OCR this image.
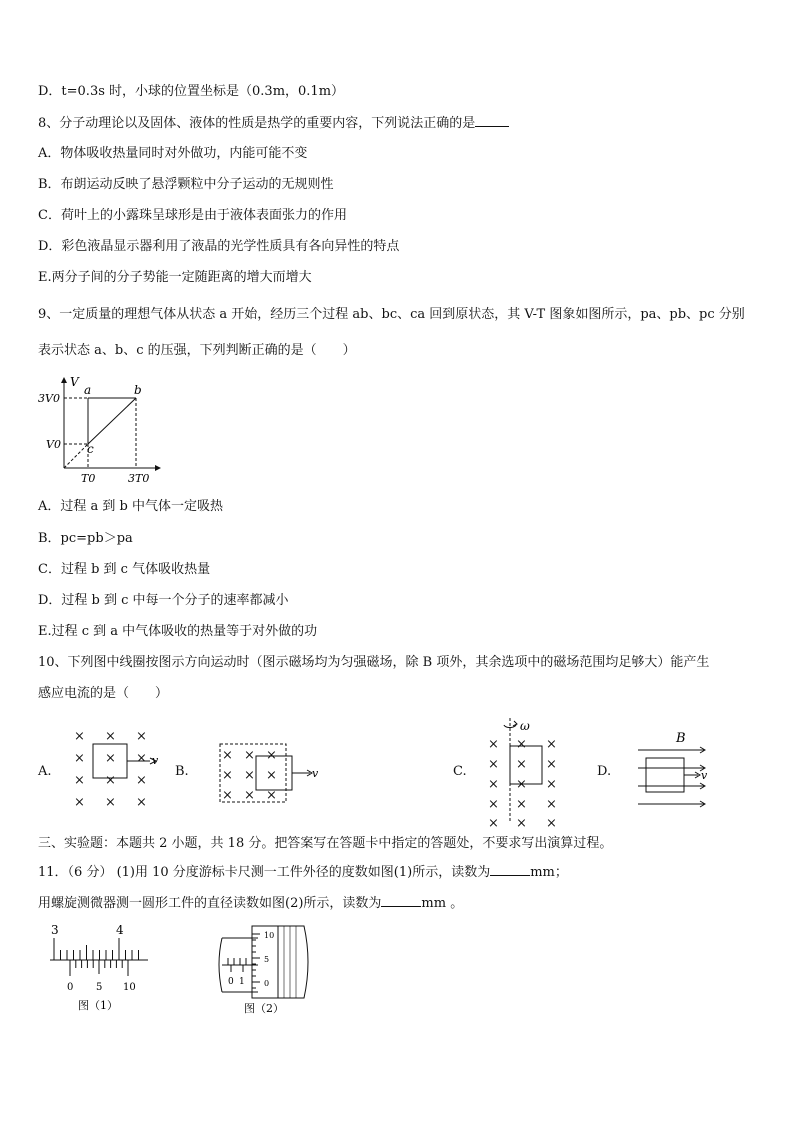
D．t=0.3s 时，小球的位置坐标是（0.3m，0.1m）
8、分子动理论以及固体、液体的性质是热学的重要内容，下列说法正确的是
A．物体吸收热量同时对外做功，内能可能不变
B．布朗运动反映了悬浮颗粒中分子运动的无规则性
C．荷叶上的小露珠呈球形是由于液体表面张力的作用
D．彩色液晶显示器利用了液晶的光学性质具有各向异性的特点
E.两分子间的分子势能一定随距离的增大而增大
9、一定质量的理想气体从状态 a 开始，经历三个过程 ab、bc、ca 回到原状态，其 V-T 图象如图所示，pa、pb、pc 分别
表示状态 a、b、c 的压强，下列判断正确的是（　　）
V
3V0
V0
T0	3T0
a	b
c
A．过程 a 到 b 中气体一定吸热
B．pc=pb＞pa
C．过程 b 到 c 气体吸收热量
D．过程 b 到 c 中每一个分子的速率都减小
E.过程 c 到 a 中气体吸收的热量等于对外做的功
10、下列图中线圈按图示方向运动时（图示磁场均为匀强磁场，除 B 项外，其余选项中的磁场范围均足够大）能产生
感应电流的是（　　）
A.	B.	C.	D.
× × ×
× × ×
× × ×
× × ×
v	× × ×
× × ×
× × ×
v
ω
× × ×
× × ×
× × ×
× × ×
× × ×
B
v
三、实验题：本题共 2 小题，共 18 分。把答案写在答题卡中指定的答题处，不要求写出演算过程。
11．（6 分） (1)用 10 分度游标卡尺测一工件外径的度数如图(1)所示，读数为	mm；
用螺旋测微器测一圆形工件的直径读数如图(2)所示，读数为	mm 。
3	4
0 5 10
图（1）
0 1
10
5
0
图（2）
